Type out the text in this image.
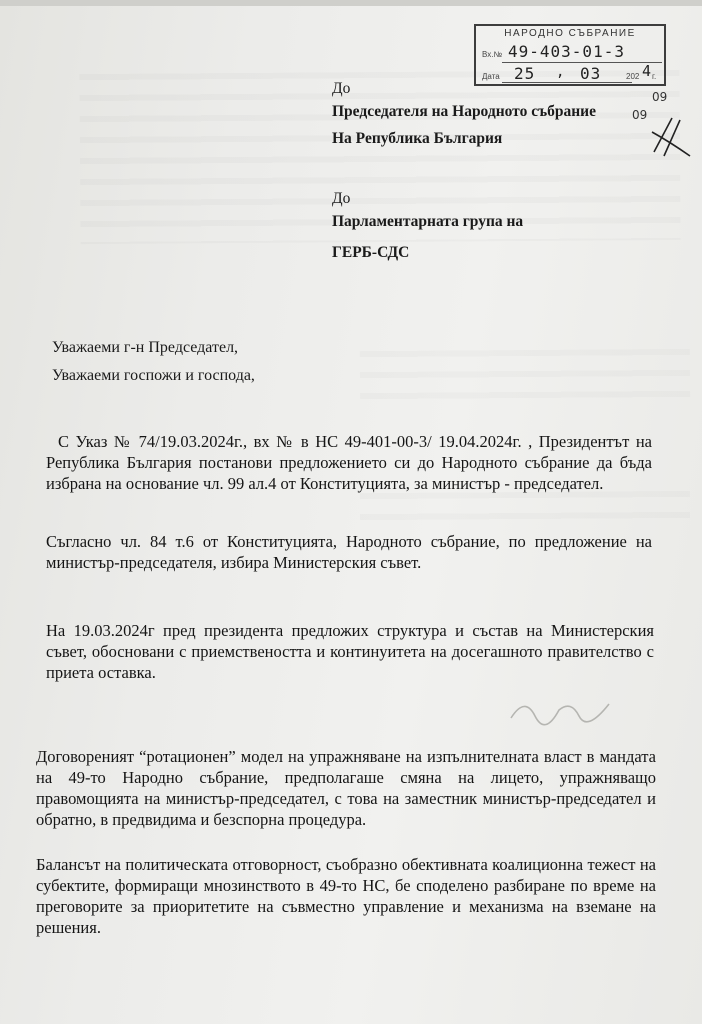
НАРОДНО СЪБРАНИЕ
Вх.№ 49-403-01-3
Дата 25 , 03	202 4 г.
09
09
До
Председателя на Народното събрание
На Република България
До
Парламентарната група на
ГЕРБ-СДС
Уважаеми г-н Председател,
Уважаеми госпожи и господа,
С Указ № 74/19.03.2024г., вх № в НС 49-401-00-3/ 19.04.2024г. , Президентът на Република България постанови предложението си до Народното събрание да бъда избрана на основание чл. 99 ал.4 от Конституцията, за министър - председател.
Съгласно чл. 84 т.6 от Конституцията, Народното събрание, по предложение на министър-председателя, избира Министерския съвет.
На 19.03.2024г пред президента предложих структура и състав на Министерския съвет, обосновани с приемствеността и континуитета на досегашното правителство с приета оставка.
Договореният “ротационен” модел на упражняване на изпълнителната власт в мандата на 49-то Народно събрание, предполагаше смяна на лицето, упражняващо правомощията на министър-председател, с това на заместник министър-председател и обратно, в предвидима и безспорна процедура.
Балансът на политическата отговорност, съобразно обективната коалиционна тежест на субектите, формиращи мнозинството в 49-то НС, бе споделено разбиране по време на преговорите за приоритетите на съвместно управление и механизма на вземане на решения.
